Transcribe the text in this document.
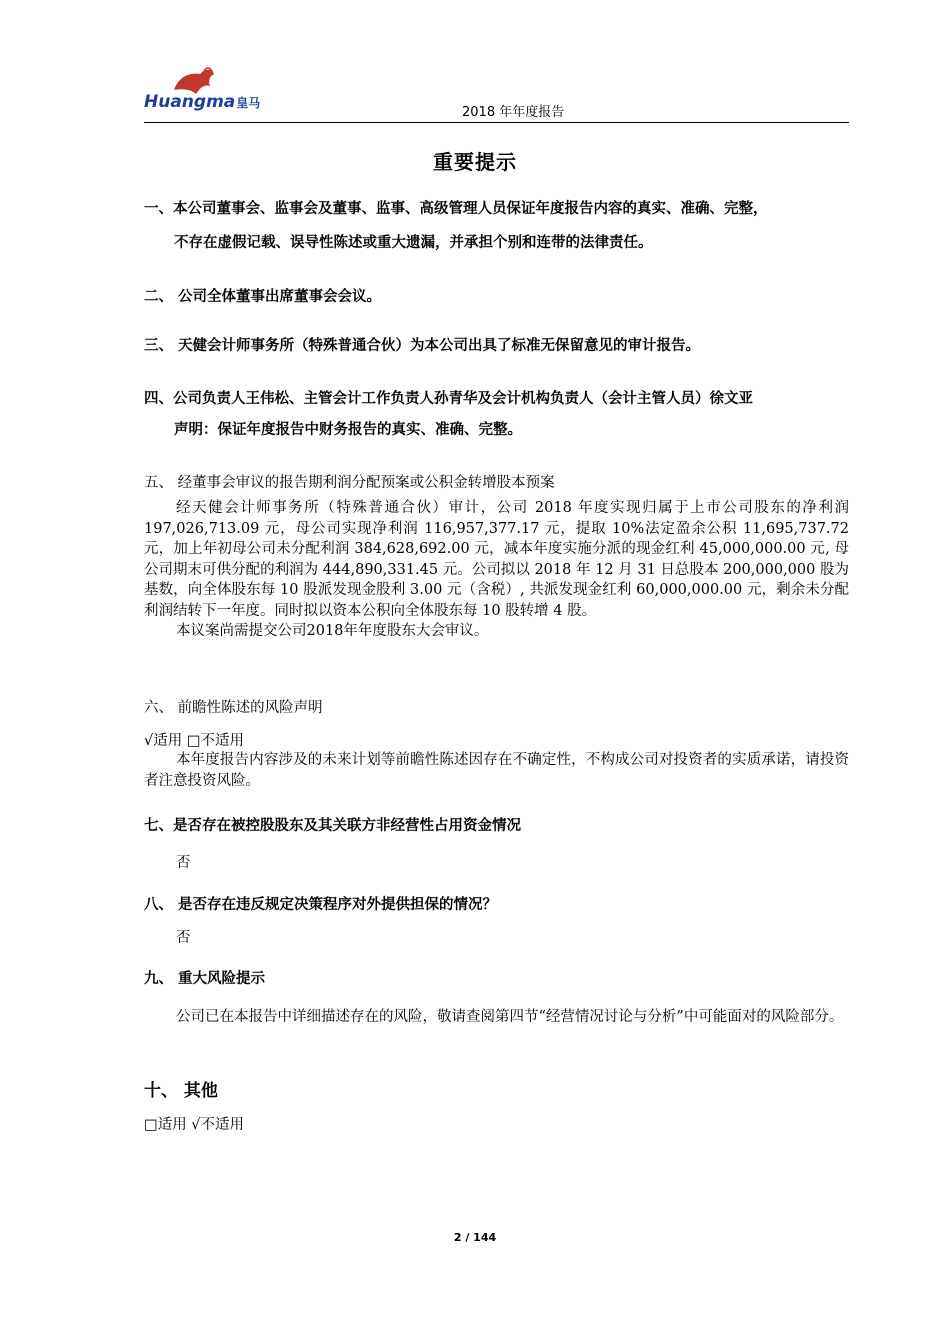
Huangma皇马
2018 年年度报告
重要提示
一、本公司董事会、监事会及董事、监事、高级管理人员保证年度报告内容的真实、准确、完整，
不存在虚假记载、误导性陈述或重大遗漏，并承担个别和连带的法律责任。
二、 公司全体董事出席董事会会议。
三、 天健会计师事务所（特殊普通合伙）为本公司出具了标准无保留意见的审计报告。
四、公司负责人王伟松、主管会计工作负责人孙青华及会计机构负责人（会计主管人员）徐文亚
声明：保证年度报告中财务报告的真实、准确、完整。
五、 经董事会审议的报告期利润分配预案或公积金转增股本预案
经天健会计师事务所（特殊普通合伙）审计，公司 2018 年度实现归属于上市公司股东的净利润 197,026,713.09 元，母公司实现净利润 116,957,377.17 元，提取 10%法定盈余公积 11,695,737.72 元，加上年初母公司未分配利润 384,628,692.00 元，减本年度实施分派的现金红利 45,000,000.00 元, 母公司期末可供分配的利润为 444,890,331.45 元。公司拟以 2018 年 12 月 31 日总股本 200,000,000 股为基数，向全体股东每 10 股派发现金股利 3.00 元（含税）, 共派发现金红利 60,000,000.00 元，剩余未分配利润结转下一年度。同时拟以资本公积向全体股东每 10 股转增 4 股。
本议案尚需提交公司2018年年度股东大会审议。
六、 前瞻性陈述的风险声明
√适用 □不适用
本年度报告内容涉及的未来计划等前瞻性陈述因存在不确定性，不构成公司对投资者的实质承诺，请投资者注意投资风险。
七、是否存在被控股股东及其关联方非经营性占用资金情况
否
八、 是否存在违反规定决策程序对外提供担保的情况？
否
九、 重大风险提示
公司已在本报告中详细描述存在的风险，敬请查阅第四节“经营情况讨论与分析”中可能面对的风险部分。
十、 其他
□适用 √不适用
2 / 144
